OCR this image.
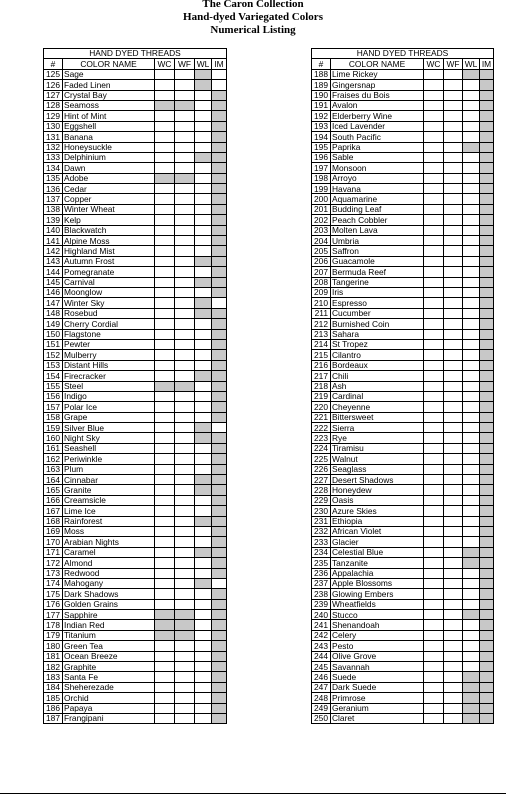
The Caron Collection
Hand-dyed Variegated Colors
Numerical Listing
HAND DYED THREADS					
#	COLOR NAME	WC	WF	WL	IM
125	Sage				
126	Faded Linen				
127	Crystal Bay				
128	Seamoss				
129	Hint of Mint				
130	Eggshell				
131	Banana				
132	Honeysuckle				
133	Delphinium				
134	Dawn				
135	Adobe				
136	Cedar				
137	Copper				
138	Winter Wheat				
139	Kelp				
140	Blackwatch				
141	Alpine Moss				
142	Highland Mist				
143	Autumn Frost				
144	Pomegranate				
145	Carnival				
146	Moonglow				
147	Winter Sky				
148	Rosebud				
149	Cherry Cordial				
150	Flagstone				
151	Pewter				
152	Mulberry				
153	Distant Hills				
154	Firecracker				
155	Steel				
156	Indigo				
157	Polar Ice				
158	Grape				
159	Silver Blue				
160	Night Sky				
161	Seashell				
162	Periwinkle				
163	Plum				
164	Cinnabar				
165	Granite				
166	Creamsicle				
167	Lime Ice				
168	Rainforest				
169	Moss				
170	Arabian Nights				
171	Caramel				
172	Almond				
173	Redwood				
174	Mahogany				
175	Dark Shadows				
176	Golden Grains				
177	Sapphire				
178	Indian Red				
179	Titanium				
180	Green Tea				
181	Ocean Breeze				
182	Graphite				
183	Santa Fe				
184	Sheherezade				
185	Orchid				
186	Papaya				
187	Frangipani				
HAND DYED THREADS					
#	COLOR NAME	WC	WF	WL	IM
188	Lime Rickey				
189	Gingersnap				
190	Fraises du Bois				
191	Avalon				
192	Elderberry Wine				
193	Iced Lavender				
194	South Pacific				
195	Paprika				
196	Sable				
197	Monsoon				
198	Arroyo				
199	Havana				
200	Aquamarine				
201	Budding Leaf				
202	Peach Cobbler				
203	Molten Lava				
204	Umbria				
205	Saffron				
206	Guacamole				
207	Bermuda Reef				
208	Tangerine				
209	Iris				
210	Espresso				
211	Cucumber				
212	Burnished Coin				
213	Sahara				
214	St Tropez				
215	Cilantro				
216	Bordeaux				
217	Chili				
218	Ash				
219	Cardinal				
220	Cheyenne				
221	Bittersweet				
222	Sierra				
223	Rye				
224	Tiramisu				
225	Walnut				
226	Seaglass				
227	Desert Shadows				
228	Honeydew				
229	Oasis				
230	Azure Skies				
231	Ethiopia				
232	African Violet				
233	Glacier				
234	Celestial Blue				
235	Tanzanite				
236	Appalachia				
237	Apple Blossoms				
238	Glowing Embers				
239	Wheatfields				
240	Stucco				
241	Shenandoah				
242	Celery				
243	Pesto				
244	Olive Grove				
245	Savannah				
246	Suede				
247	Dark Suede				
248	Primrose				
249	Geranium				
250	Claret				
